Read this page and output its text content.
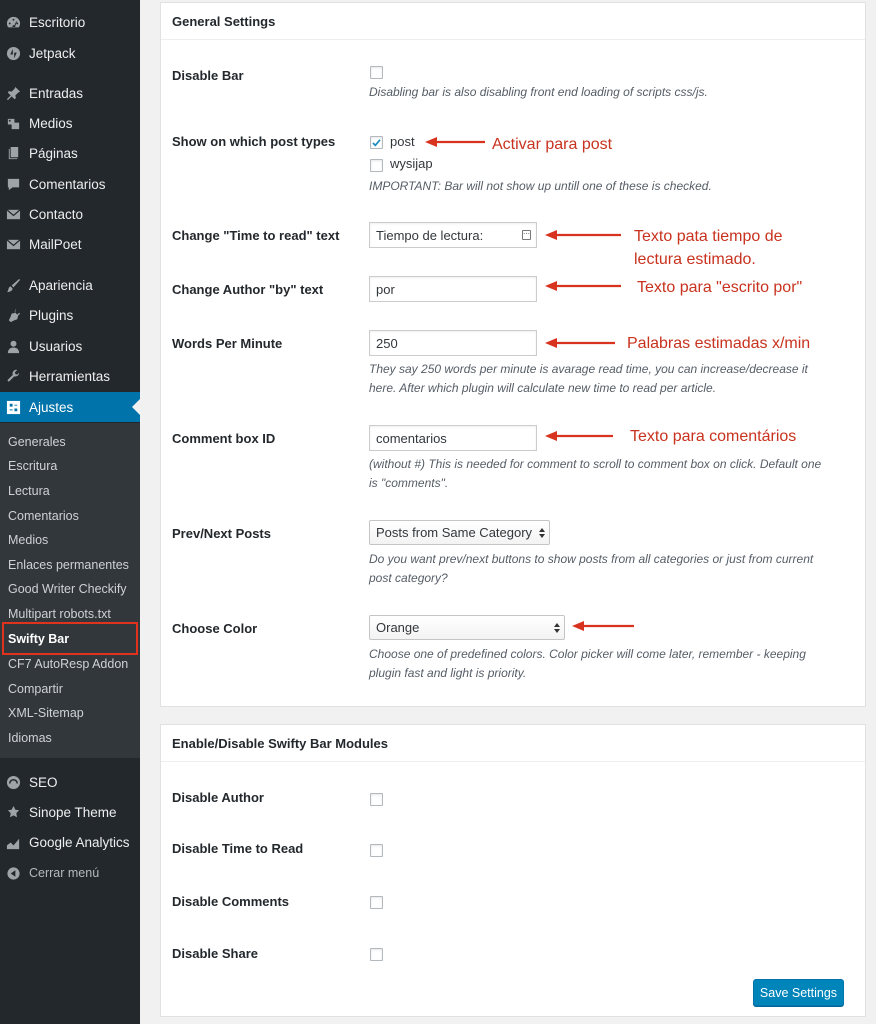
Escritorio
Jetpack
Entradas
Medios
Páginas
Comentarios
Contacto
MailPoet
Apariencia
Plugins
Usuarios
Herramientas
Ajustes
Generales
Escritura
Lectura
Comentarios
Medios
Enlaces permanentes
Good Writer Checkify
Multipart robots.txt
Swifty Bar
CF7 AutoResp Addon
Compartir
XML-Sitemap
Idiomas
SEO
Sinope Theme
Google Analytics
Cerrar menú
General Settings
Disable Bar
Disabling bar is also disabling front end loading of scripts css/js.
Show on which post types	post
wysijap
IMPORTANT: Bar will not show up untill one of these is checked.
Change "Time to read" text	Tiempo de lectura:	⋯
Change Author "by" text	por
Words Per Minute	250
They say 250 words per minute is avarage read time, you can increase/decrease it
here. After which plugin will calculate new time to read per article.
Comment box ID	comentarios
(without #) This is needed for comment to scroll to comment box on click. Default one
is "comments".
Prev/Next Posts	Posts from Same Category
Do you want prev/next buttons to show posts from all categories or just from current
post category?
Choose Color	Orange
Choose one of predefined colors. Color picker will come later, remember - keeping
plugin fast and light is priority.
Enable/Disable Swifty Bar Modules
Disable Author
Disable Time to Read
Disable Comments
Disable Share
Save Settings
Activar para post
Texto pata tiempo de
lectura estimado.
Texto para "escrito por"
Palabras estimadas x/min
Texto para comentários
